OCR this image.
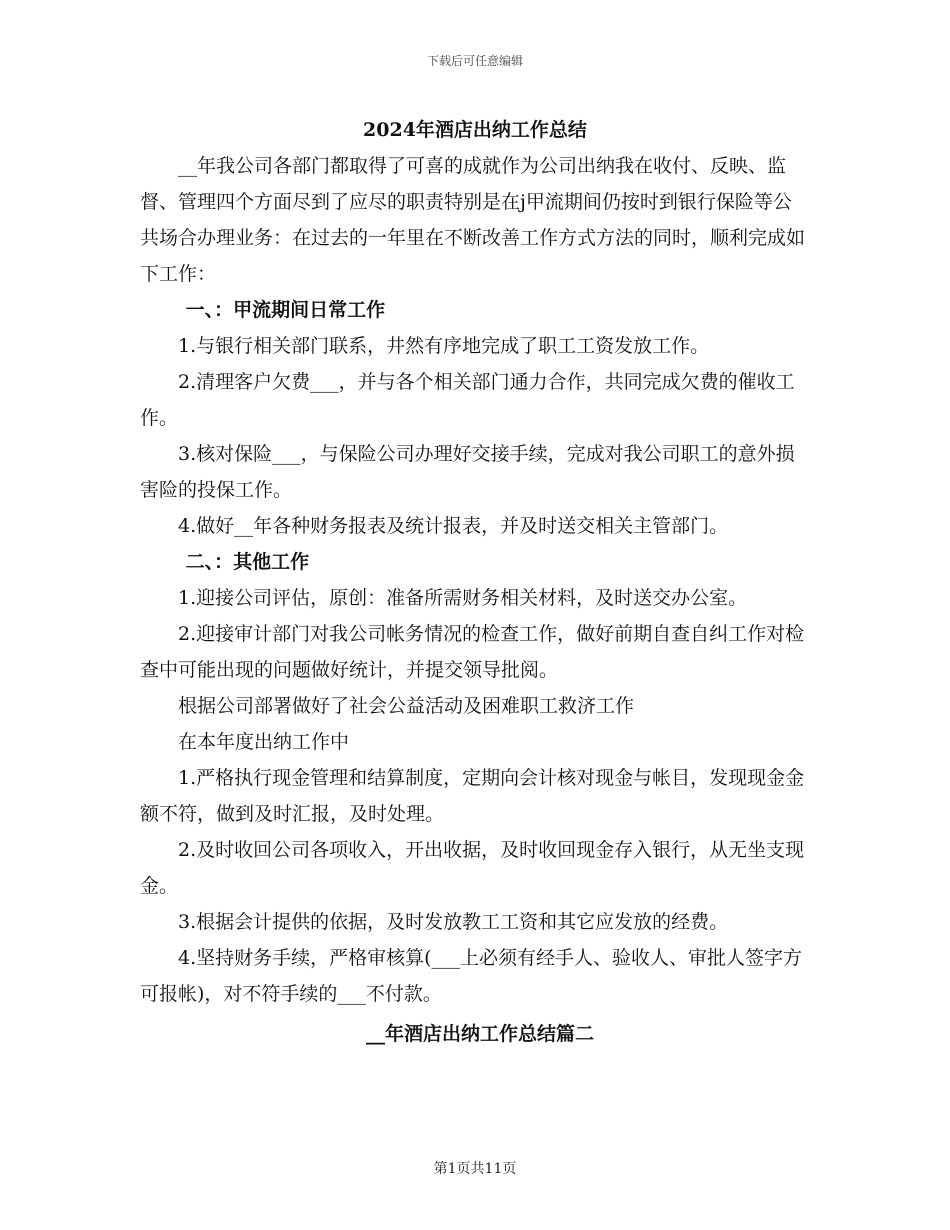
下载后可任意编辑
2024年酒店出纳工作总结

__年我公司各部门都取得了可喜的成就作为公司出纳我在收付、反映、监督、管理四个方面尽到了应尽的职责特别是在j甲流期间仍按时到银行保险等公共场合办理业务：在过去的一年里在不断改善工作方式方法的同时，顺利完成如下工作：

一、：甲流期间日常工作

1.与银行相关部门联系，井然有序地完成了职工工资发放工作。

2.清理客户欠费___，并与各个相关部门通力合作，共同完成欠费的催收工作。

3.核对保险___，与保险公司办理好交接手续，完成对我公司职工的意外损害险的投保工作。

4.做好__年各种财务报表及统计报表，并及时送交相关主管部门。

二、：其他工作

1.迎接公司评估，原创：准备所需财务相关材料，及时送交办公室。

2.迎接审计部门对我公司帐务情况的检查工作，做好前期自查自纠工作对检查中可能出现的问题做好统计，并提交领导批阅。

根据公司部署做好了社会公益活动及困难职工救济工作

在本年度出纳工作中

1.严格执行现金管理和结算制度，定期向会计核对现金与帐目，发现现金金额不符，做到及时汇报，及时处理。

2.及时收回公司各项收入，开出收据，及时收回现金存入银行，从无坐支现金。

3.根据会计提供的依据，及时发放教工工资和其它应发放的经费。

4.坚持财务手续，严格审核算(___上必须有经手人、验收人、审批人签字方可报帐)，对不符手续的___不付款。

__年酒店出纳工作总结篇二

第1页共11页
